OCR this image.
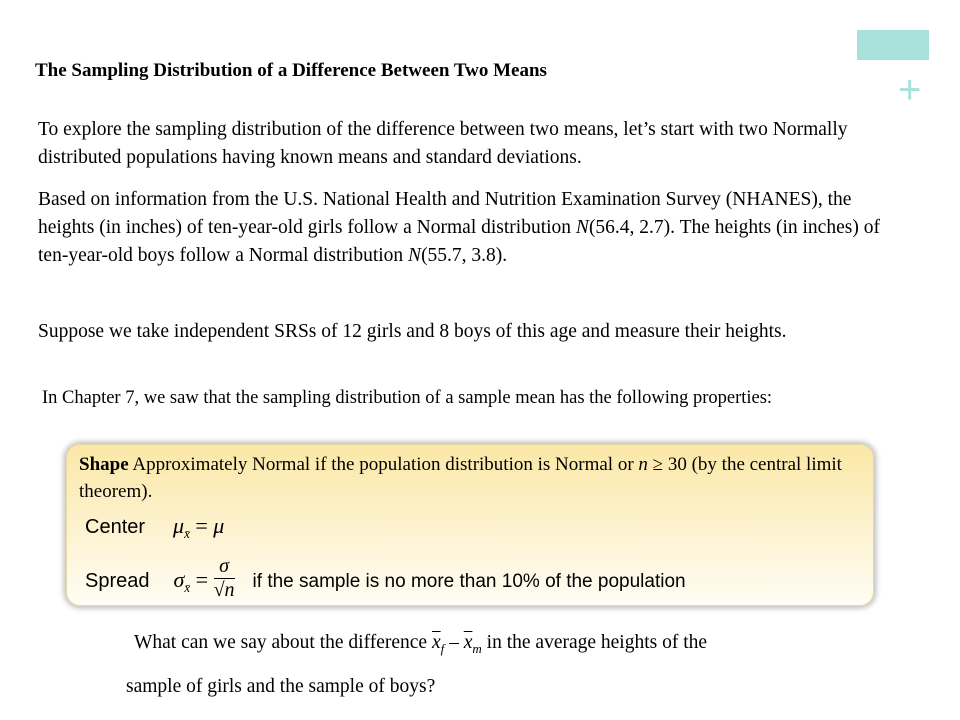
+
The Sampling Distribution of a Difference Between Two Means
To explore the sampling distribution of the difference between two means, let’s start with two Normally distributed populations having known means and standard deviations.
Based on information from the U.S. National Health and Nutrition Examination Survey (NHANES), the heights (in inches) of ten-year-old girls follow a Normal distribution N(56.4, 2.7). The heights (in inches) of ten-year-old boys follow a Normal distribution N(55.7, 3.8).
Suppose we take independent SRSs of 12 girls and 8 boys of this age and measure their heights.
In Chapter 7, we saw that the sampling distribution of a sample mean has the following properties:
Shape Approximately Normal if the population distribution is Normal or n ≥ 30 (by the central limit theorem).
Center $\mu_{x̄} = \mu$
Spread $\sigma_{x̄} = \frac{\sigma}{√n}$ if the sample is no more than 10% of the population
What can we say about the difference $\overline{x}_f - \overline{x}_m$ in the average heights of the
sample of girls and the sample of boys?
